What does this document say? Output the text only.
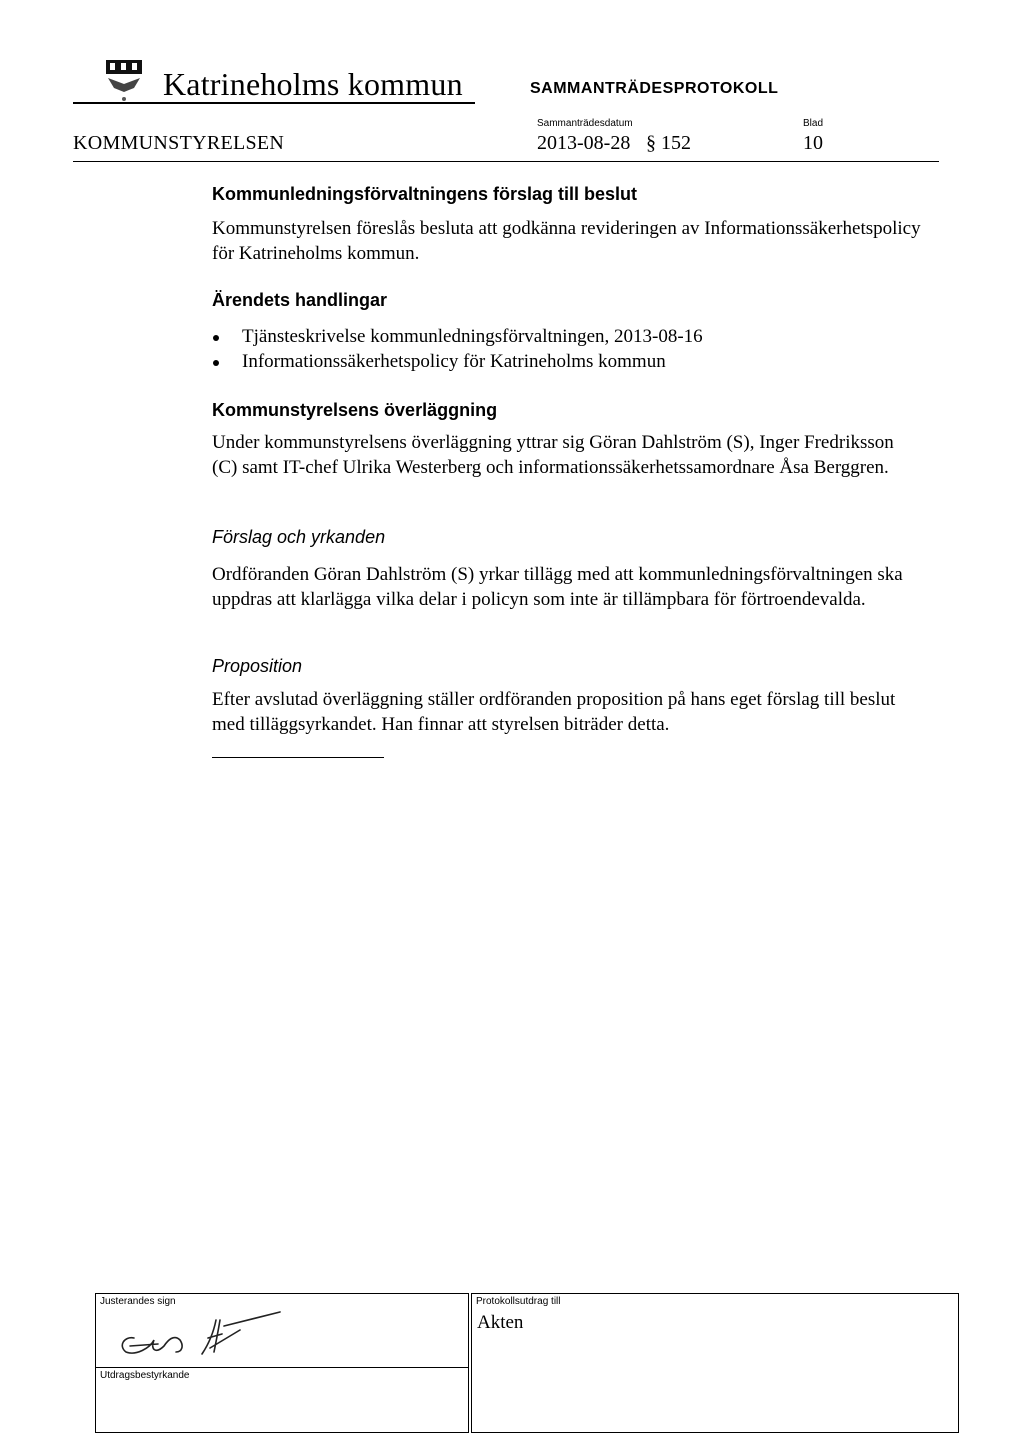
Katrineholms kommun	SAMMANTRÄDESPROTOKOLL
KOMMUNSTYRELSEN
Sammanträdesdatum	Blad
2013-08-28 § 152	10
Kommunledningsförvaltningens förslag till beslut

Kommunstyrelsen föreslås besluta att godkänna revideringen av Informationssäkerhetspolicy för Katrineholms kommun.

Ärendets handlingar
Tjänsteskrivelse kommunledningsförvaltningen, 2013-08-16
Informationssäkerhetspolicy för Katrineholms kommun
Kommunstyrelsens överläggning

Under kommunstyrelsens överläggning yttrar sig Göran Dahlström (S), Inger Fredriksson (C) samt IT-chef Ulrika Westerberg och informationssäkerhetssamordnare Åsa Berggren.

Förslag och yrkanden

Ordföranden Göran Dahlström (S) yrkar tillägg med att kommunledningsförvaltningen ska uppdras att klarlägga vilka delar i policyn som inte är tillämpbara för förtroendevalda.

Proposition

Efter avslutad överläggning ställer ordföranden proposition på hans eget förslag till beslut med tilläggsyrkandet. Han finnar att styrelsen biträder detta.

Justerandes sign
Utdragsbestyrkande
Protokollsutdrag till
Akten
